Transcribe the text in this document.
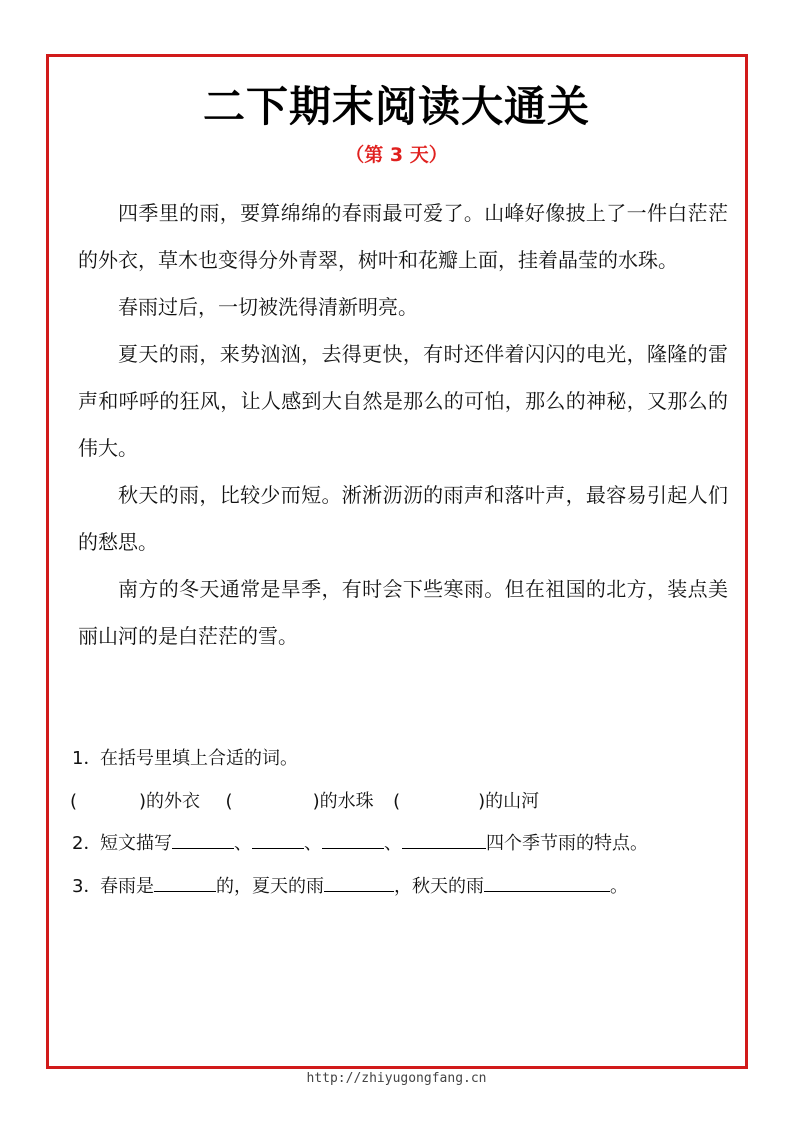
二下期末阅读大通关
（第 3 天）

四季里的雨，要算绵绵的春雨最可爱了。山峰好像披上了一件白茫茫的外衣，草木也变得分外青翠，树叶和花瓣上面，挂着晶莹的水珠。

春雨过后，一切被洗得清新明亮。

夏天的雨，来势汹汹，去得更快，有时还伴着闪闪的电光，隆隆的雷声和呼呼的狂风，让人感到大自然是那么的可怕，那么的神秘，又那么的伟大。

秋天的雨，比较少而短。淅淅沥沥的雨声和落叶声，最容易引起人们的愁思。

南方的冬天通常是旱季，有时会下些寒雨。但在祖国的北方，装点美丽山河的是白茫茫的雪。

1．在括号里填上合适的词。
(	)的外衣 (	)的水珠 (	)的山河
2．短文描写	、	、	、	四个季节雨的特点。
3．春雨是	的，夏天的雨	，秋天的雨	。
http://zhiyugongfang.cn
